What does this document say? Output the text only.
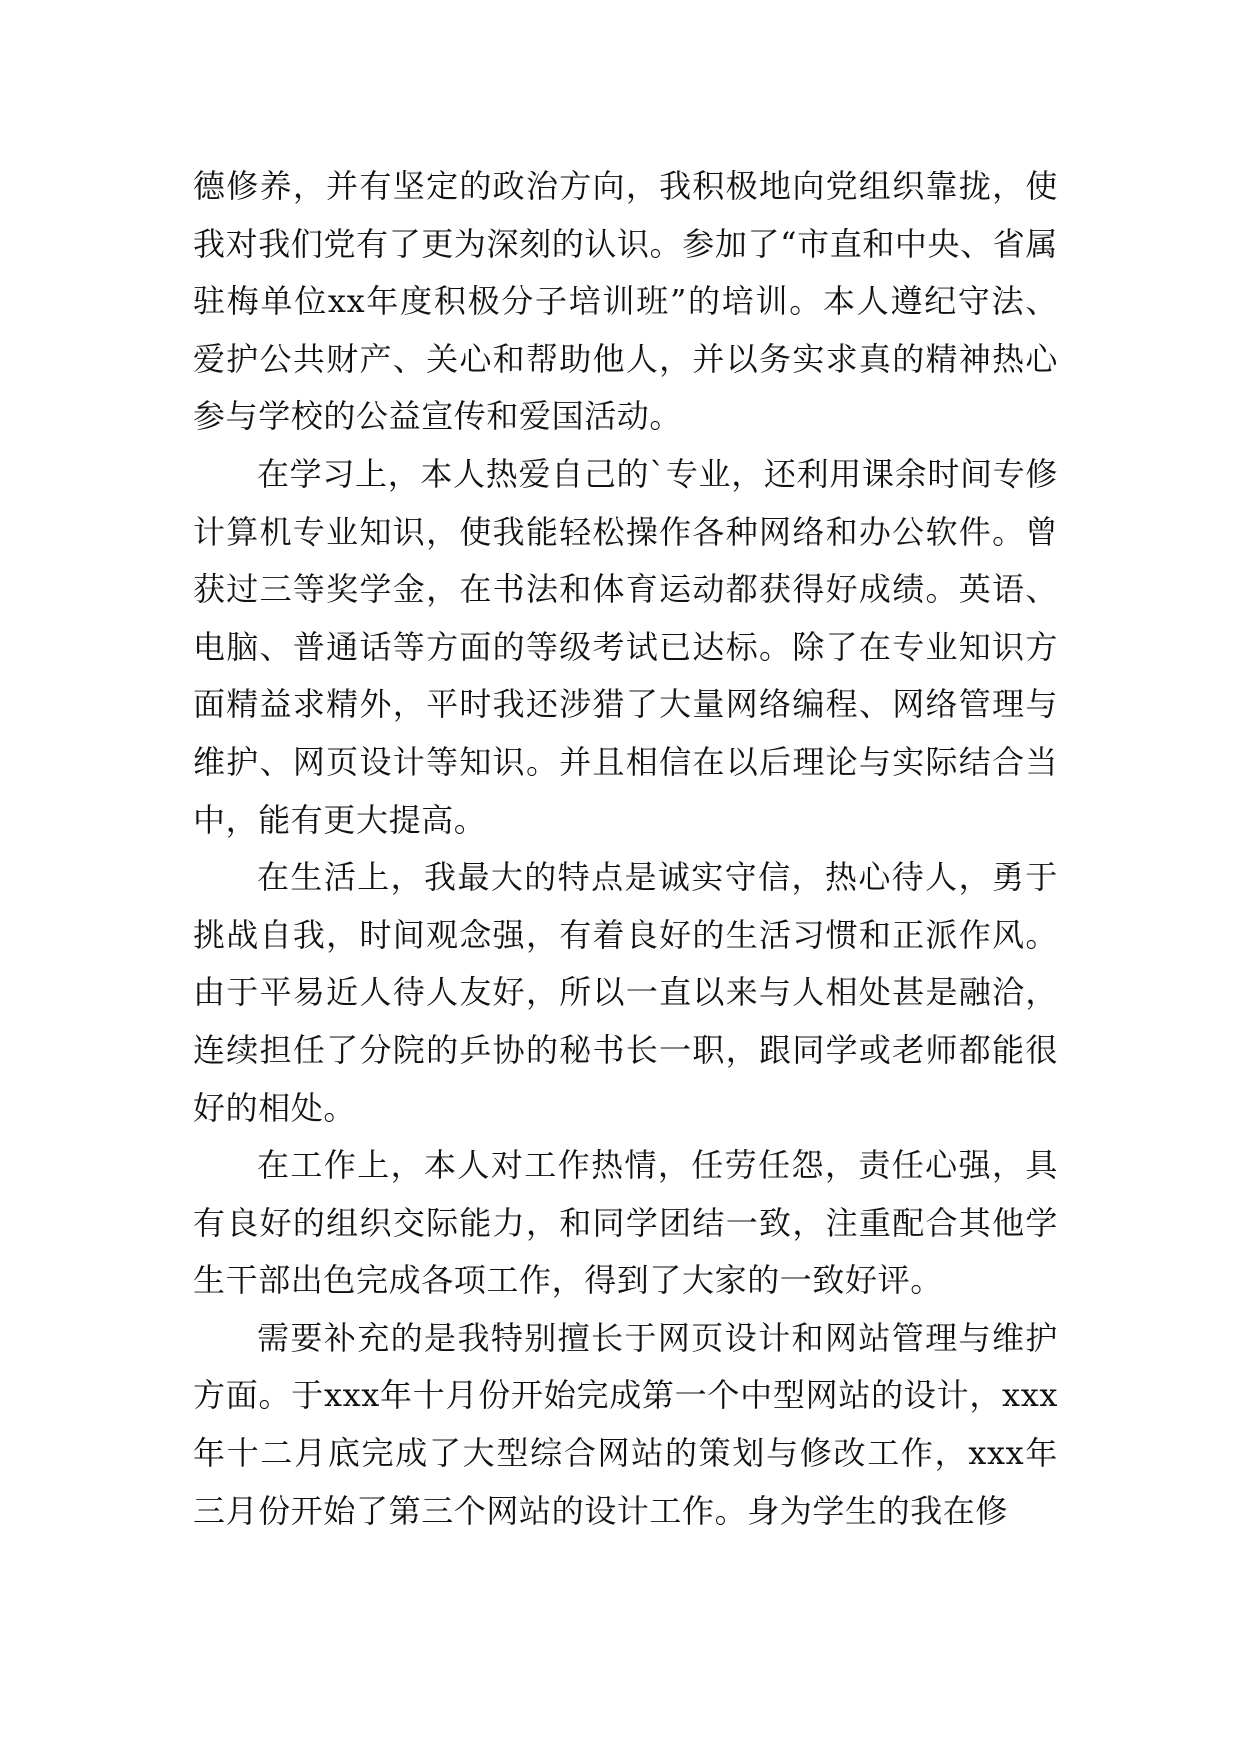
德修养，并有坚定的政治方向，我积极地向党组织靠拢，使我对我们党有了更为深刻的认识。参加了“市直和中央、省属驻梅单位xx年度积极分子培训班”的培训。本人遵纪守法、爱护公共财产、关心和帮助他人，并以务实求真的精神热心参与学校的公益宣传和爱国活动。

在学习上，本人热爱自己的`专业，还利用课余时间专修计算机专业知识，使我能轻松操作各种网络和办公软件。曾获过三等奖学金，在书法和体育运动都获得好成绩。英语、电脑、普通话等方面的等级考试已达标。除了在专业知识方面精益求精外，平时我还涉猎了大量网络编程、网络管理与维护、网页设计等知识。并且相信在以后理论与实际结合当中，能有更大提高。

在生活上，我最大的特点是诚实守信，热心待人，勇于挑战自我，时间观念强，有着良好的生活习惯和正派作风。由于平易近人待人友好，所以一直以来与人相处甚是融洽，连续担任了分院的乒协的秘书长一职，跟同学或老师都能很好的相处。

在工作上，本人对工作热情，任劳任怨，责任心强，具有良好的组织交际能力，和同学团结一致，注重配合其他学生干部出色完成各项工作，得到了大家的一致好评。

需要补充的是我特别擅长于网页设计和网站管理与维护方面。于xxx年十月份开始完成第一个中型网站的设计，xxx年十二月底完成了大型综合网站的策划与修改工作，xxx年三月份开始了第三个网站的设计工作。身为学生的我在修
